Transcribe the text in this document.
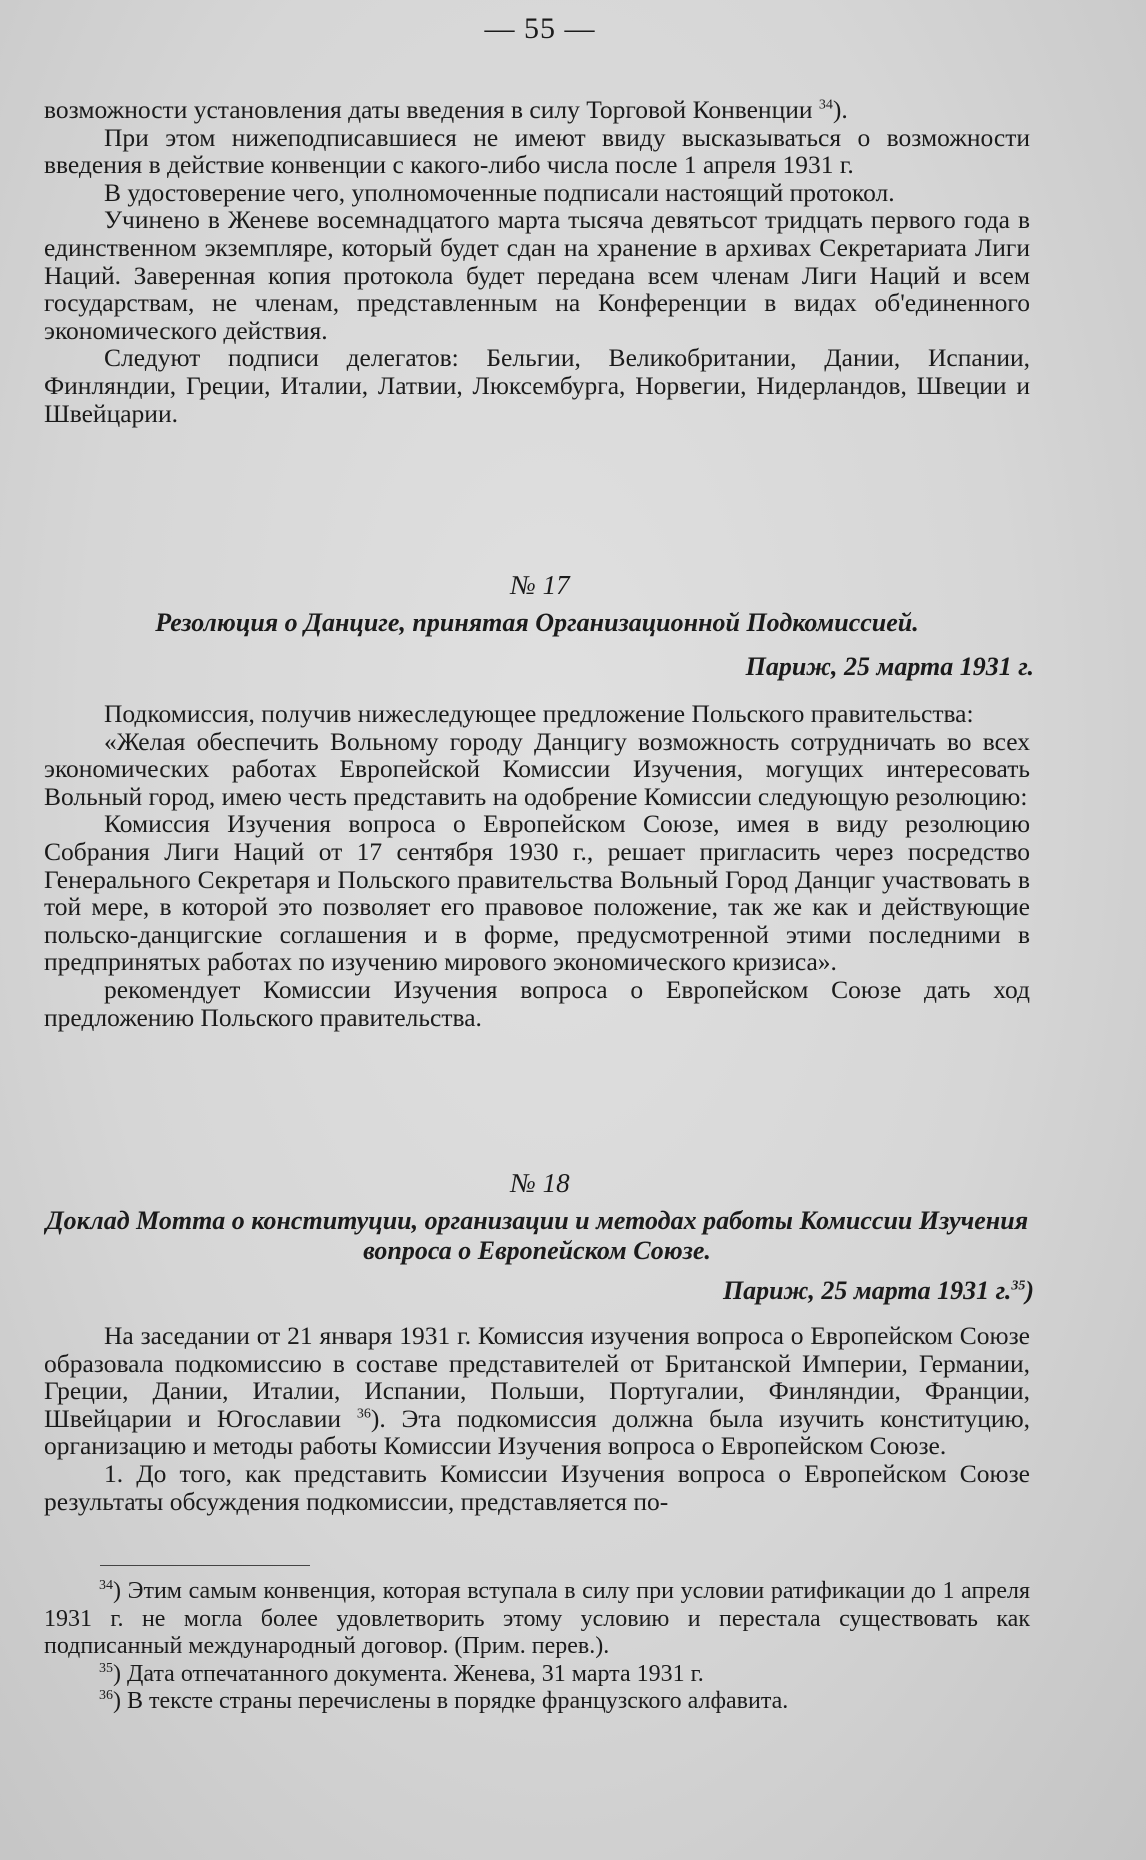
— 55 —

возможности установления даты введения в силу Торговой Конвенции $^{34}$).

При этом нижеподписавшиеся не имеют ввиду высказываться о возможности введения в действие конвенции с какого-либо числа после 1 апреля 1931 г.

В удостоверение чего, уполномоченные подписали настоящий протокол.

Учинено в Женеве восемнадцатого марта тысяча девятьсот тридцать первого года в единственном экземпляре, который будет сдан на хранение в архивах Секретариата Лиги Наций. Заверенная копия протокола будет передана всем членам Лиги Наций и всем государствам, не членам, представленным на Конференции в видах об'единенного экономического действия.

Следуют подписи делегатов: Бельгии, Великобритании, Дании, Испании, Финляндии, Греции, Италии, Латвии, Люксембурга, Норвегии, Нидерландов, Швеции и Швейцарии.

№ 17
Резолюция о Данциге, принятая Организационной Подкомиссией.
Париж, 25 марта 1931 г.

Подкомиссия, получив нижеследующее предложение Польского правительства:

«Желая обеспечить Вольному городу Данцигу возможность сотрудничать во всех экономических работах Европейской Комиссии Изучения, могущих интересовать Вольный город, имею честь представить на одобрение Комиссии следующую резолюцию:

Комиссия Изучения вопроса о Европейском Союзе, имея в виду резолюцию Собрания Лиги Наций от 17 сентября 1930 г., решает пригласить через посредство Генерального Секретаря и Польского правительства Вольный Город Данциг участвовать в той мере, в которой это позволяет его правовое положение, так же как и действующие польско-данцигские соглашения и в форме, предусмотренной этими последними в предпринятых работах по изучению мирового экономического кризиса».

рекомендует Комиссии Изучения вопроса о Европейском Союзе дать ход предложению Польского правительства.

№ 18
Доклад Мотта о конституции, организации и методах работы Комиссии Изучения вопроса о Европейском Союзе.
Париж, 25 марта 1931 г.$^{35}$)

На заседании от 21 января 1931 г. Комиссия изучения вопроса о Европейском Союзе образовала подкомиссию в составе представителей от Британской Империи, Германии, Греции, Дании, Италии, Испании, Польши, Португалии, Финляндии, Франции, Швейцарии и Югославии $^{36}$). Эта подкомиссия должна была изучить конституцию, организацию и методы работы Комиссии Изучения вопроса о Европейском Союзе.

1. До того, как представить Комиссии Изучения вопроса о Европейском Союзе результаты обсуждения подкомиссии, представляется по-

$^{34}$) Этим самым конвенция, которая вступала в силу при условии ратификации до 1 апреля 1931 г. не могла более удовлетворить этому условию и перестала существовать как подписанный международный договор. (Прим. перев.).

$^{35}$) Дата отпечатанного документа. Женева, 31 марта 1931 г.

$^{36}$) В тексте страны перечислены в порядке французского алфавита.
